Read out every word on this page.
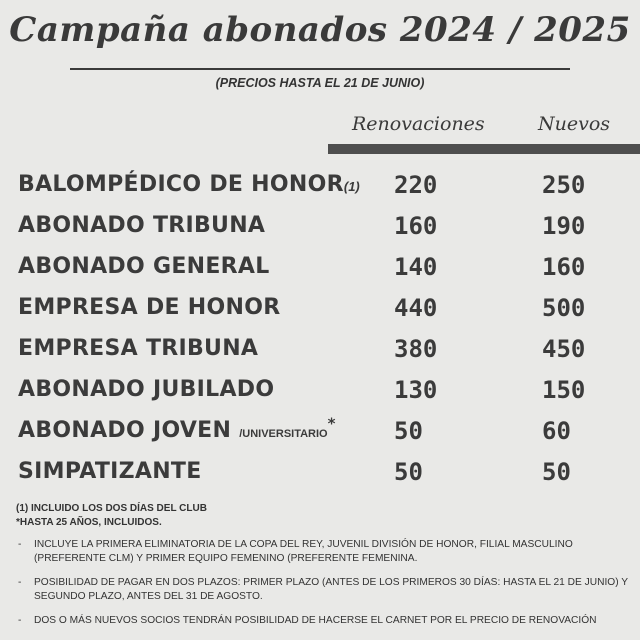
Campaña abonados 2024 / 2025
(PRECIOS HASTA EL 21 DE JUNIO)
Renovaciones	Nuevos
BALOMPÉDICO DE HONOR(1) 220	250
ABONADO TRIBUNA	160	190
ABONADO GENERAL	140	160
EMPRESA DE HONOR	440	500
EMPRESA TRIBUNA	380	450
ABONADO JUBILADO	130	150
ABONADO JOVEN /UNIVERSITARIO* 50	60
SIMPATIZANTE	50	50
(1) INCLUIDO LOS DOS DÍAS DEL CLUB
*HASTA 25 AÑOS, INCLUIDOS.
- INCLUYE LA PRIMERA ELIMINATORIA DE LA COPA DEL REY, JUVENIL DIVISIÓN DE HONOR, FILIAL MASCULINO (PREFERENTE CLM) Y PRIMER EQUIPO FEMENINO (PREFERENTE FEMENINA.
- POSIBILIDAD DE PAGAR EN DOS PLAZOS: PRIMER PLAZO (ANTES DE LOS PRIMEROS 30 DÍAS: HASTA EL 21 DE JUNIO) Y SEGUNDO PLAZO, ANTES DEL 31 DE AGOSTO.
- DOS O MÁS NUEVOS SOCIOS TENDRÁN POSIBILIDAD DE HACERSE EL CARNET POR EL PRECIO DE RENOVACIÓN
